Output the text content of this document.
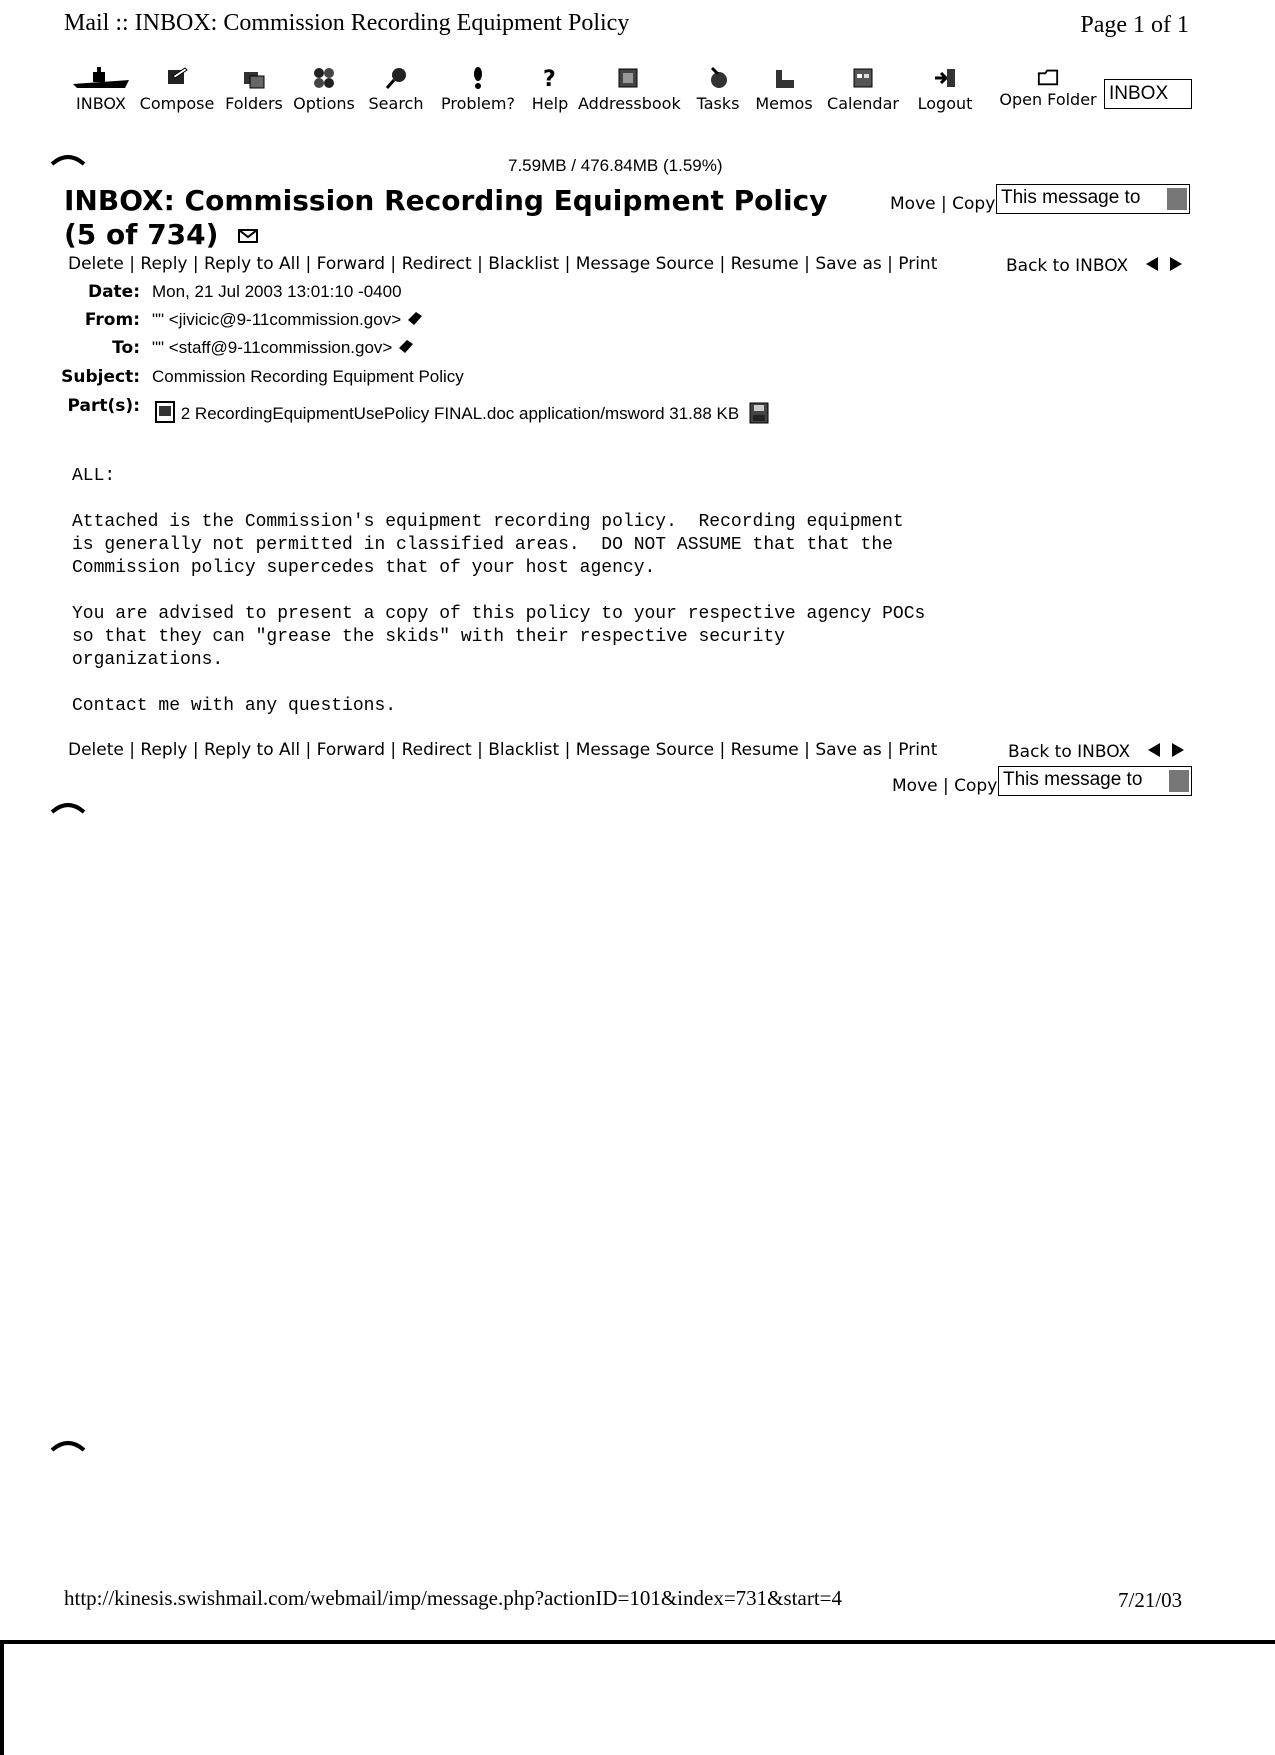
Mail :: INBOX: Commission Recording Equipment Policy	Page 1 of 1
INBOX Compose Folders Options Search Problem?
?
Help Addressbook Tasks Memos Calendar Logout Open Folder INBOX
7.59MB / 476.84MB (1.59%)
INBOX: Commission Recording Equipment Policy
(5 of 734)
Move | Copy This message to
Delete | Reply | Reply to All | Forward | Redirect | Blacklist | Message Source | Resume | Save as | Print	Back to INBOX
Date: Mon, 21 Jul 2003 13:01:10 -0400
From: "" <jivicic@9-11commission.gov>
To: "" <staff@9-11commission.gov>
Subject: Commission Recording Equipment Policy
Part(s):	2 RecordingEquipmentUsePolicy FINAL.doc application/msword 31.88 KB
ALL:

Attached is the Commission's equipment recording policy.  Recording equipment
is generally not permitted in classified areas.  DO NOT ASSUME that that the
Commission policy supercedes that of your host agency.

You are advised to present a copy of this policy to your respective agency POCs
so that they can "grease the skids" with their respective security
organizations.

Contact me with any questions.
Delete | Reply | Reply to All | Forward | Redirect | Blacklist | Message Source | Resume | Save as | Print	Back to INBOX
Move | Copy This message to
http://kinesis.swishmail.com/webmail/imp/message.php?actionID=101&index=731&start=4	7/21/03
